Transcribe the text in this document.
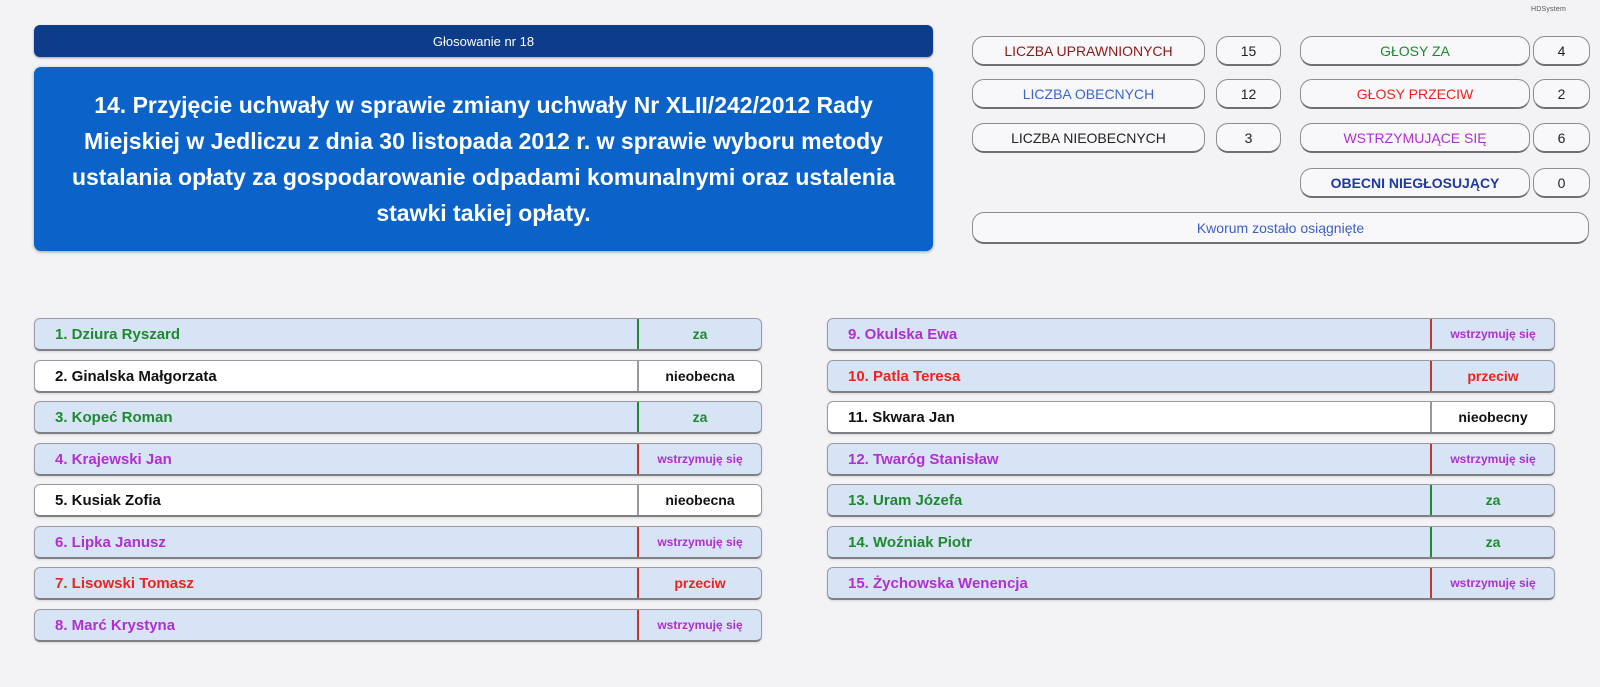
HDSystem
Głosowanie nr 18
14. Przyjęcie uchwały w sprawie zmiany uchwały Nr XLII/242/2012 Rady Miejskiej w Jedliczu z dnia 30 listopada 2012 r. w sprawie wyboru metody ustalania opłaty za gospodarowanie odpadami komunalnymi oraz ustalenia stawki takiej opłaty.
LICZBA UPRAWNIONYCH	15
LICZBA OBECNYCH	12
LICZBA NIEOBECNYCH	3
GŁOSY ZA	4
GŁOSY PRZECIW	2
WSTRZYMUJĄCE SIĘ	6
OBECNI NIEGŁOSUJĄCY	0
Kworum zostało osiągnięte
1. Dziura Ryszard	za
2. Ginalska Małgorzata	nieobecna
3. Kopeć Roman	za
4. Krajewski Jan	wstrzymuję się
5. Kusiak Zofia	nieobecna
6. Lipka Janusz	wstrzymuję się
7. Lisowski Tomasz	przeciw
8. Marć Krystyna	wstrzymuję się
9. Okulska Ewa	wstrzymuję się
10. Patla Teresa	przeciw
11. Skwara Jan	nieobecny
12. Twaróg Stanisław	wstrzymuję się
13. Uram Józefa	za
14. Woźniak Piotr	za
15. Żychowska Wenencja	wstrzymuję się
